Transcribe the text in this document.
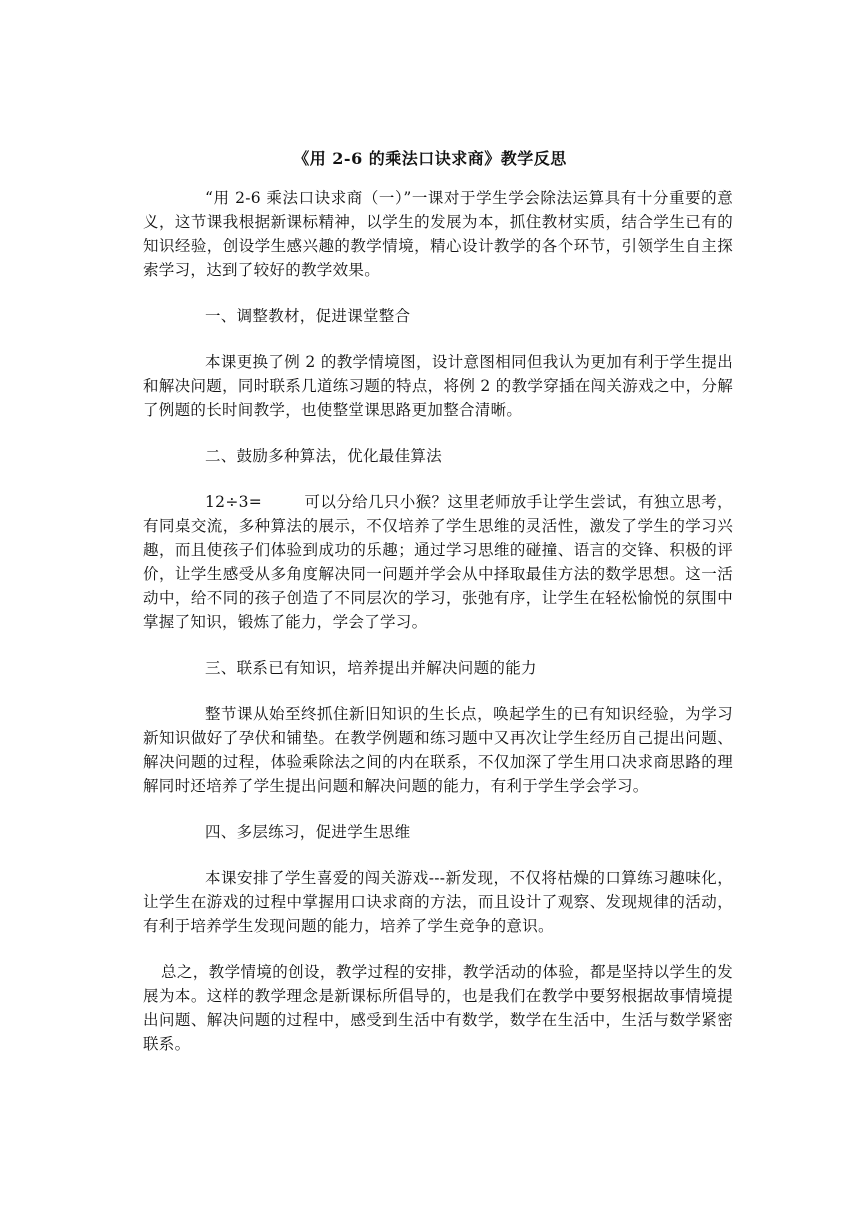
《用 2-6 的乘法口诀求商》教学反思

“用 2-6 乘法口诀求商（一）”一课对于学生学会除法运算具有十分重要的意义，这节课我根据新课标精神，以学生的发展为本，抓住教材实质，结合学生已有的知识经验，创设学生感兴趣的教学情境，精心设计教学的各个环节，引领学生自主探索学习，达到了较好的教学效果。

一、调整教材，促进课堂整合

本课更换了例 2 的教学情境图，设计意图相同但我认为更加有利于学生提出和解决问题，同时联系几道练习题的特点，将例 2 的教学穿插在闯关游戏之中，分解了例题的长时间教学，也使整堂课思路更加整合清晰。

二、鼓励多种算法，优化最佳算法

12÷3=	可以分给几只小猴？这里老师放手让学生尝试，有独立思考，有同桌交流，多种算法的展示，不仅培养了学生思维的灵活性，激发了学生的学习兴趣，而且使孩子们体验到成功的乐趣；通过学习思维的碰撞、语言的交锋、积极的评价，让学生感受从多角度解决同一问题并学会从中择取最佳方法的数学思想。这一活动中，给不同的孩子创造了不同层次的学习，张弛有序，让学生在轻松愉悦的氛围中掌握了知识，锻炼了能力，学会了学习。

三、联系已有知识，培养提出并解决问题的能力

整节课从始至终抓住新旧知识的生长点，唤起学生的已有知识经验，为学习新知识做好了孕伏和铺垫。在教学例题和练习题中又再次让学生经历自己提出问题、解决问题的过程，体验乘除法之间的内在联系，不仅加深了学生用口决求商思路的理解同时还培养了学生提出问题和解决问题的能力，有利于学生学会学习。

四、多层练习，促进学生思维

本课安排了学生喜爱的闯关游戏---新发现，不仅将枯燥的口算练习趣味化，让学生在游戏的过程中掌握用口诀求商的方法，而且设计了观察、发现规律的活动，有利于培养学生发现问题的能力，培养了学生竞争的意识。

总之，教学情境的创设，教学过程的安排，教学活动的体验，都是坚持以学生的发展为本。这样的教学理念是新课标所倡导的，也是我们在教学中要努根据故事情境提出问题、解决问题的过程中，感受到生活中有数学，数学在生活中，生活与数学紧密联系。
